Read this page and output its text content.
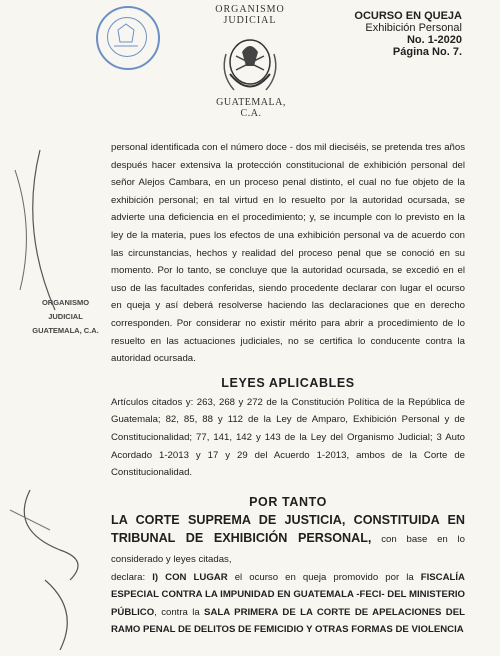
ORGANISMO JUDICIAL
GUATEMALA, C.A.
OCURSO EN QUEJA
Exhibición Personal
No. 1-2020
Página No. 7.
ORGANISMO
JUDICIAL
GUATEMALA, C.A.

personal identificada con el número doce - dos mil dieciséis, se pretenda tres años después hacer extensiva la protección constitucional de exhibición personal del señor Alejos Cambara, en un proceso penal distinto, el cual no fue objeto de la exhibición personal; en tal virtud en lo resuelto por la autoridad ocursada, se advierte una deficiencia en el procedimiento; y, se incumple con lo previsto en la ley de la materia, pues los efectos de una exhibición personal va de acuerdo con las circunstancias, hechos y realidad del proceso penal que se conoció en su momento. Por lo tanto, se concluye que la autoridad ocursada, se excedió en el uso de las facultades conferidas, siendo procedente declarar con lugar el ocurso en queja y así deberá resolverse haciendo las declaraciones que en derecho corresponden. Por considerar no existir mérito para abrir a procedimiento de lo resuelto en las actuaciones judiciales, no se certifica lo conducente contra la autoridad ocursada.

LEYES APLICABLES

Artículos citados y: 263, 268 y 272 de la Constitución Política de la República de Guatemala; 82, 85, 88 y 112 de la Ley de Amparo, Exhibición Personal y de Constitucionalidad; 77, 141, 142 y 143 de la Ley del Organismo Judicial; 3 Auto Acordado 1-2013 y 17 y 29 del Acuerdo 1-2013, ambos de la Corte de Constitucionalidad.

POR TANTO

LA CORTE SUPREMA DE JUSTICIA, CONSTITUIDA EN TRIBUNAL DE EXHIBICIÓN PERSONAL, con base en lo considerado y leyes citadas,

declara: I) CON LUGAR el ocurso en queja promovido por la FISCALÍA ESPECIAL CONTRA LA IMPUNIDAD EN GUATEMALA -FECI- DEL MINISTERIO PÚBLICO, contra la SALA PRIMERA DE LA CORTE DE APELACIONES DEL RAMO PENAL DE DELITOS DE FEMICIDIO Y OTRAS FORMAS DE VIOLENCIA
